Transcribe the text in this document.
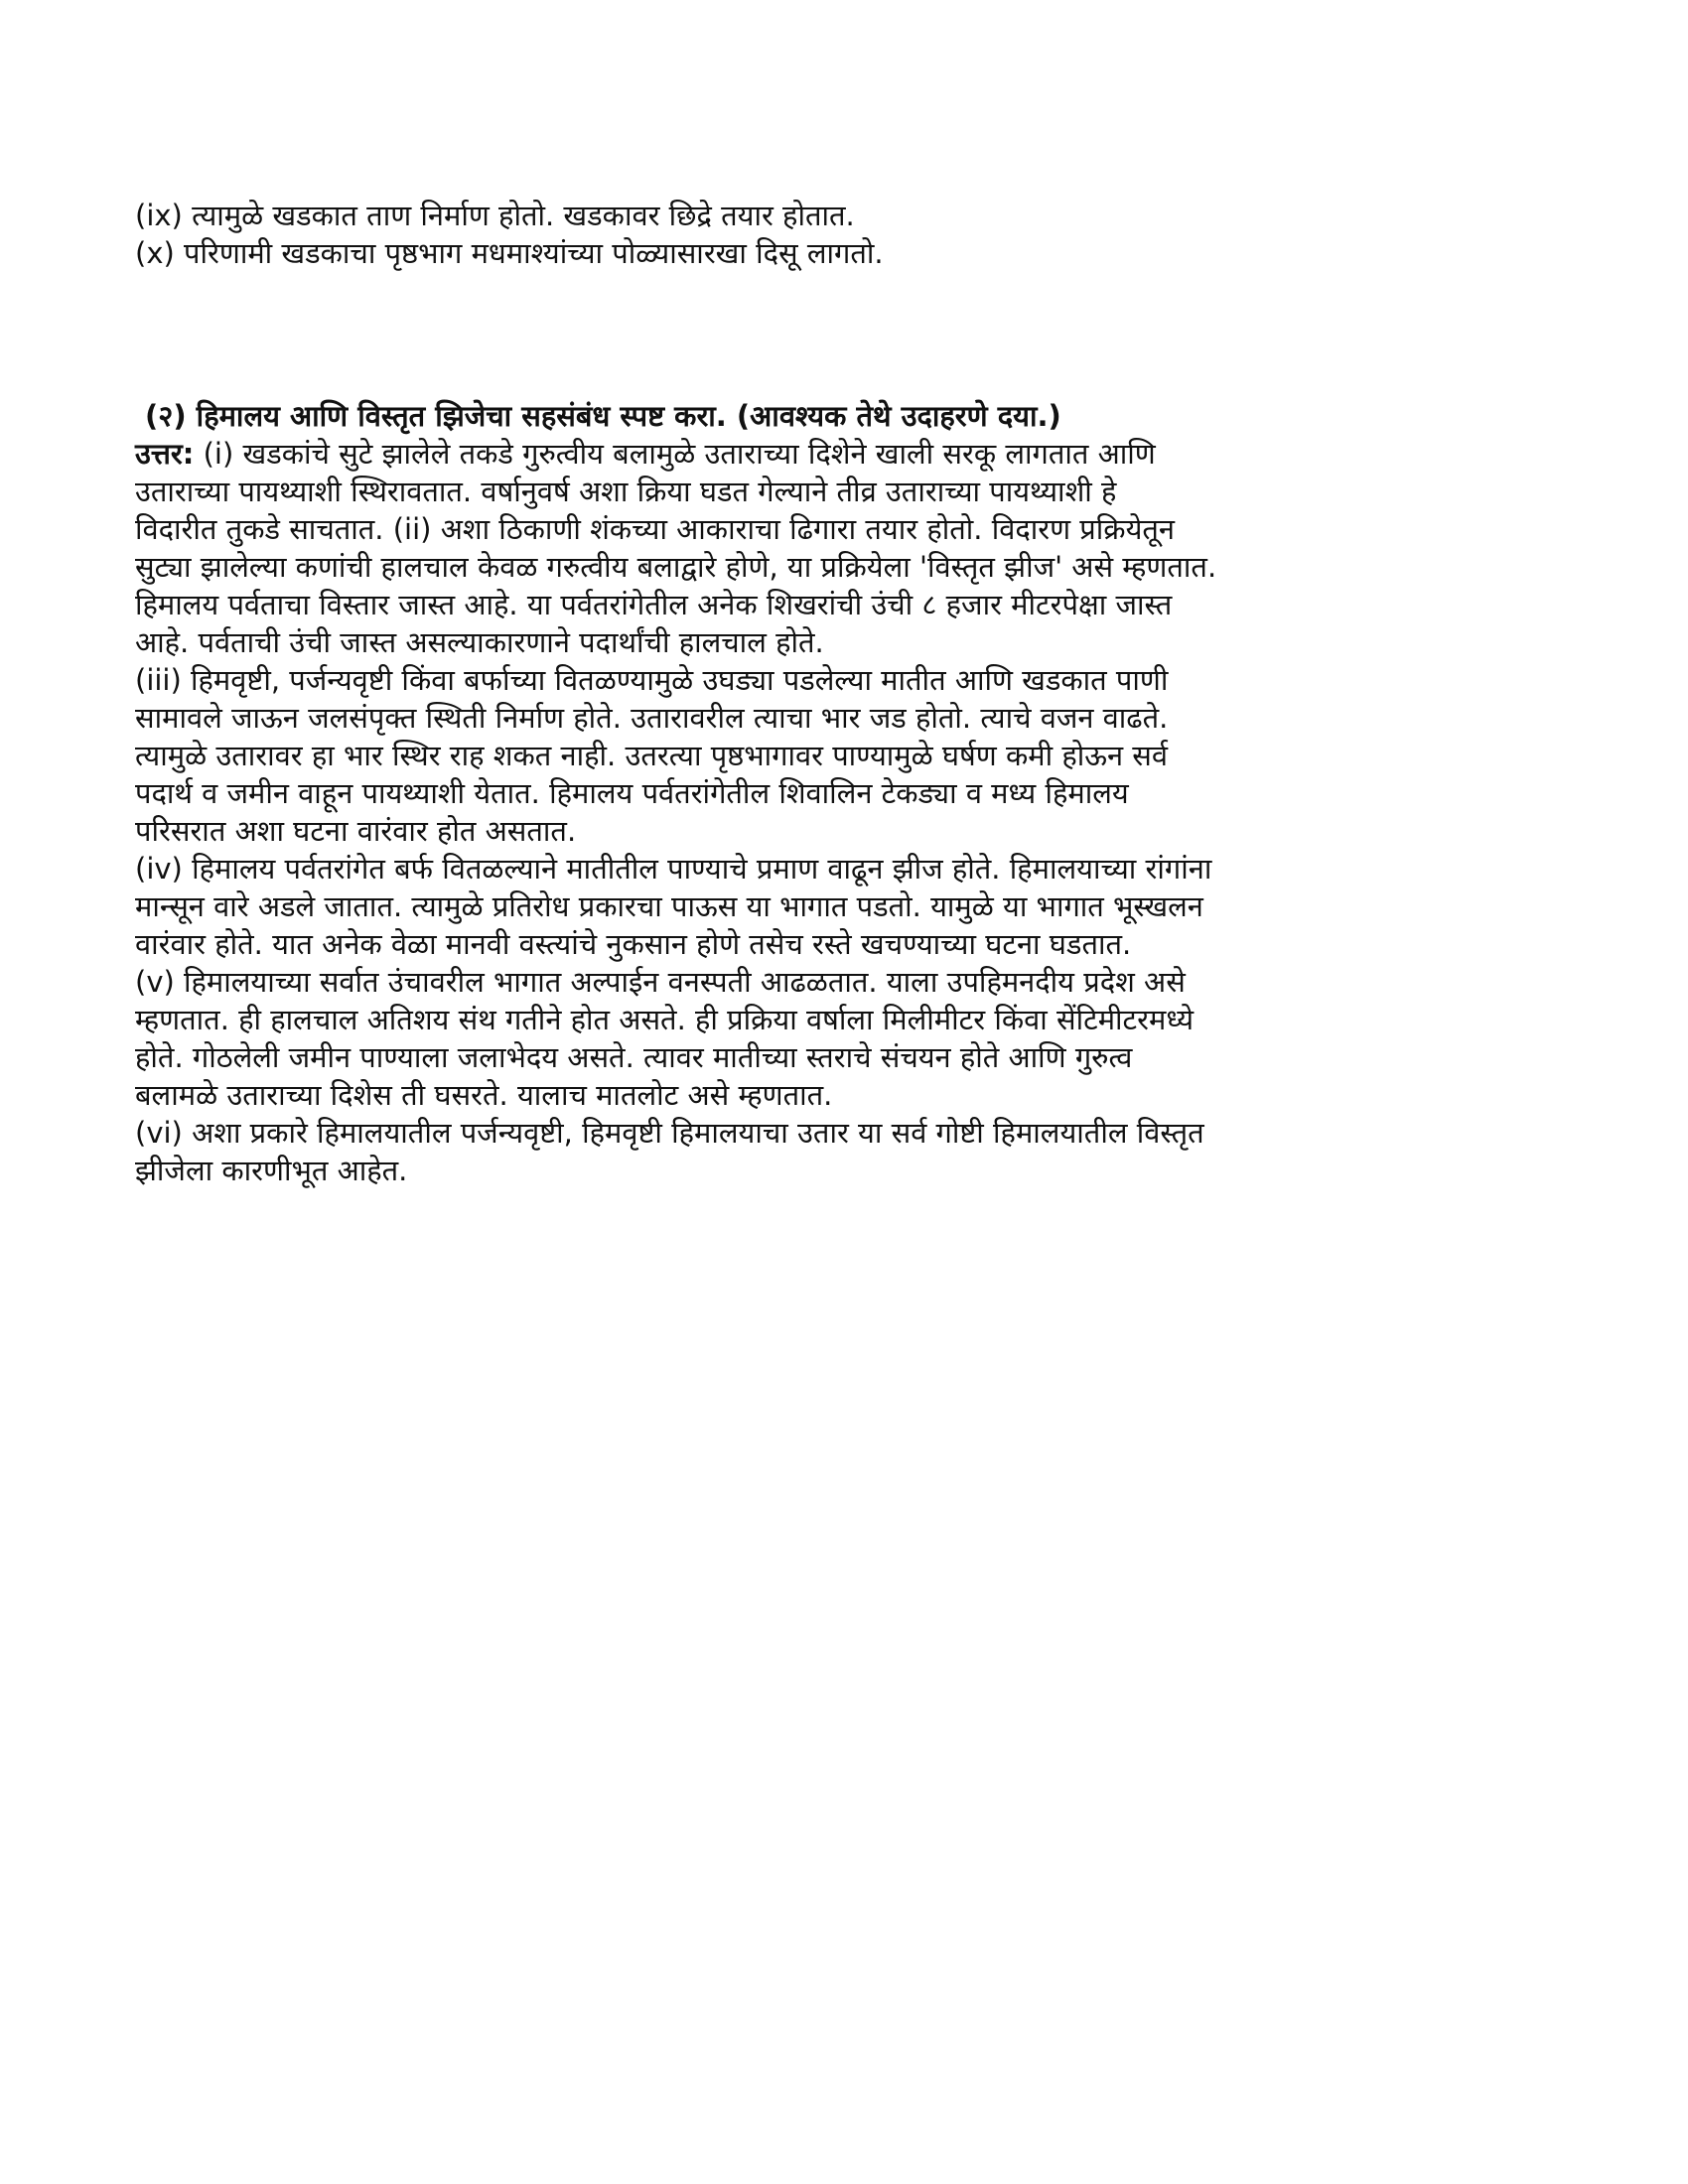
(ix) त्यामुळे खडकात ताण निर्माण होतो. खडकावर छिद्रे तयार होतात.

(x) परिणामी खडकाचा पृष्ठभाग मधमाश्यांच्या पोळ्यासारखा दिसू लागतो.

(२) हिमालय आणि विस्तृत झिजेचा सहसंबंध स्पष्ट करा. (आवश्यक तेथे उदाहरणे दया.)

उत्तर: (i) खडकांचे सुटे झालेले तकडे गुरुत्वीय बलामुळे उताराच्या दिशेने खाली सरकू लागतात आणि

उताराच्या पायथ्याशी स्थिरावतात. वर्षानुवर्ष अशा क्रिया घडत गेल्याने तीव्र उताराच्या पायथ्याशी हे

विदारीत तुकडे साचतात. (ii) अशा ठिकाणी शंकच्या आकाराचा ढिगारा तयार होतो. विदारण प्रक्रियेतून

सुट्या झालेल्या कणांची हालचाल केवळ गरुत्वीय बलाद्वारे होणे, या प्रक्रियेला 'विस्तृत झीज' असे म्हणतात.

हिमालय पर्वताचा विस्तार जास्त आहे. या पर्वतरांगेतील अनेक शिखरांची उंची ८ हजार मीटरपेक्षा जास्त

आहे. पर्वताची उंची जास्त असल्याकारणाने पदार्थांची हालचाल होते.

(iii) हिमवृष्टी, पर्जन्यवृष्टी किंवा बर्फाच्या वितळण्यामुळे उघड्या पडलेल्या मातीत आणि खडकात पाणी

सामावले जाऊन जलसंपृक्त स्थिती निर्माण होते. उतारावरील त्याचा भार जड होतो. त्याचे वजन वाढते.

त्यामुळे उतारावर हा भार स्थिर राह शकत नाही. उतरत्या पृष्ठभागावर पाण्यामुळे घर्षण कमी होऊन सर्व

पदार्थ व जमीन वाहून पायथ्याशी येतात. हिमालय पर्वतरांगेतील शिवालिन टेकड्या व मध्य हिमालय

परिसरात अशा घटना वारंवार होत असतात.

(iv) हिमालय पर्वतरांगेत बर्फ वितळल्याने मातीतील पाण्याचे प्रमाण वाढून झीज होते. हिमालयाच्या रांगांना

मान्सून वारे अडले जातात. त्यामुळे प्रतिरोध प्रकारचा पाऊस या भागात पडतो. यामुळे या भागात भूस्खलन

वारंवार होते. यात अनेक वेळा मानवी वस्त्यांचे नुकसान होणे तसेच रस्ते खचण्याच्या घटना घडतात.

(v) हिमालयाच्या सर्वात उंचावरील भागात अल्पाईन वनस्पती आढळतात. याला उपहिमनदीय प्रदेश असे

म्हणतात. ही हालचाल अतिशय संथ गतीने होत असते. ही प्रक्रिया वर्षाला मिलीमीटर किंवा सेंटिमीटरमध्ये

होते. गोठलेली जमीन पाण्याला जलाभेदय असते. त्यावर मातीच्या स्तराचे संचयन होते आणि गुरुत्व

बलामळे उताराच्या दिशेस ती घसरते. यालाच मातलोट असे म्हणतात.

(vi) अशा प्रकारे हिमालयातील पर्जन्यवृष्टी, हिमवृष्टी हिमालयाचा उतार या सर्व गोष्टी हिमालयातील विस्तृत

झीजेला कारणीभूत आहेत.
